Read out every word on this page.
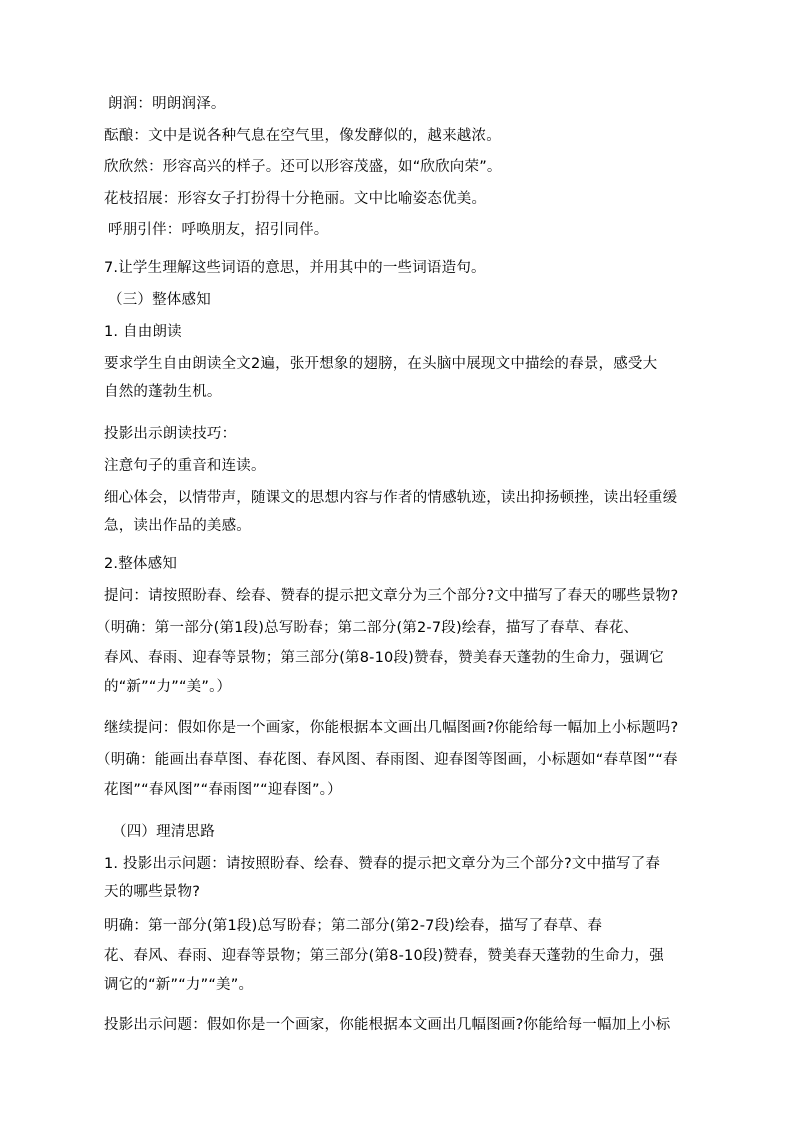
朗润：明朗润泽。
酝酿：文中是说各种气息在空气里，像发酵似的，越来越浓。
欣欣然：形容高兴的样子。还可以形容茂盛，如“欣欣向荣”。
花枝招展：形容女子打扮得十分艳丽。文中比喻姿态优美。
呼朋引伴：呼唤朋友，招引同伴。
7.让学生理解这些词语的意思，并用其中的一些词语造句。
（三）整体感知
1. 自由朗读
要求学生自由朗读全文2遍，张开想象的翅膀，在头脑中展现文中描绘的春景，感受大
自然的蓬勃生机。
投影出示朗读技巧：
注意句子的重音和连读。
细心体会，以情带声，随课文的思想内容与作者的情感轨迹，读出抑扬顿挫，读出轻重缓
急，读出作品的美感。
2.整体感知
提问：请按照盼春、绘春、赞春的提示把文章分为三个部分?文中描写了春天的哪些景物?
（明确：第一部分(第1段)总写盼春；第二部分(第2-7段)绘春，描写了春草、春花、
春风、春雨、迎春等景物；第三部分(第8-10段)赞春，赞美春天蓬勃的生命力，强调它
的“新”“力”“美”。）
继续提问：假如你是一个画家，你能根据本文画出几幅图画?你能给每一幅加上小标题吗?
（明确：能画出春草图、春花图、春风图、春雨图、迎春图等图画，小标题如“春草图”“春
花图”“春风图”“春雨图”“迎春图”。）
（四）理清思路
1. 投影出示问题：请按照盼春、绘春、赞春的提示把文章分为三个部分?文中描写了春
天的哪些景物?
明确：第一部分(第1段)总写盼春；第二部分(第2-7段)绘春，描写了春草、春
花、春风、春雨、迎春等景物；第三部分(第8-10段)赞春，赞美春天蓬勃的生命力，强
调它的“新”“力”“美”。
投影出示问题：假如你是一个画家，你能根据本文画出几幅图画?你能给每一幅加上小标
